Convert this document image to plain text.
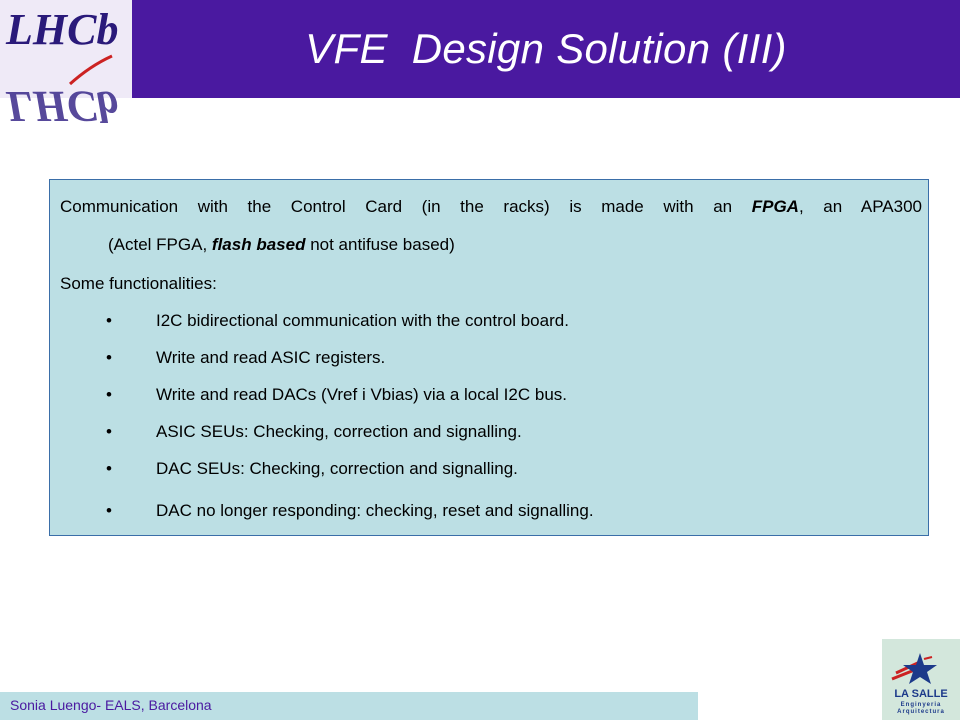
LHCb
LHCb	VFE  Design Solution (III)
Communication with the Control Card (in the racks) is made with an FPGA, an APA300
(Actel FPGA, flash based not antifuse based)
Some functionalities:
•	I2C bidirectional communication with the control board.
•	Write and read ASIC registers.
•	Write and read DACs (Vref i Vbias) via a local I2C bus.
•	ASIC SEUs: Checking, correction and signalling.
•	DAC SEUs: Checking, correction and signalling.
•	DAC no longer responding: checking, reset and signalling.
Sonia Luengo- EALS, Barcelona
LA SALLE
Enginyeria
Arquitectura
